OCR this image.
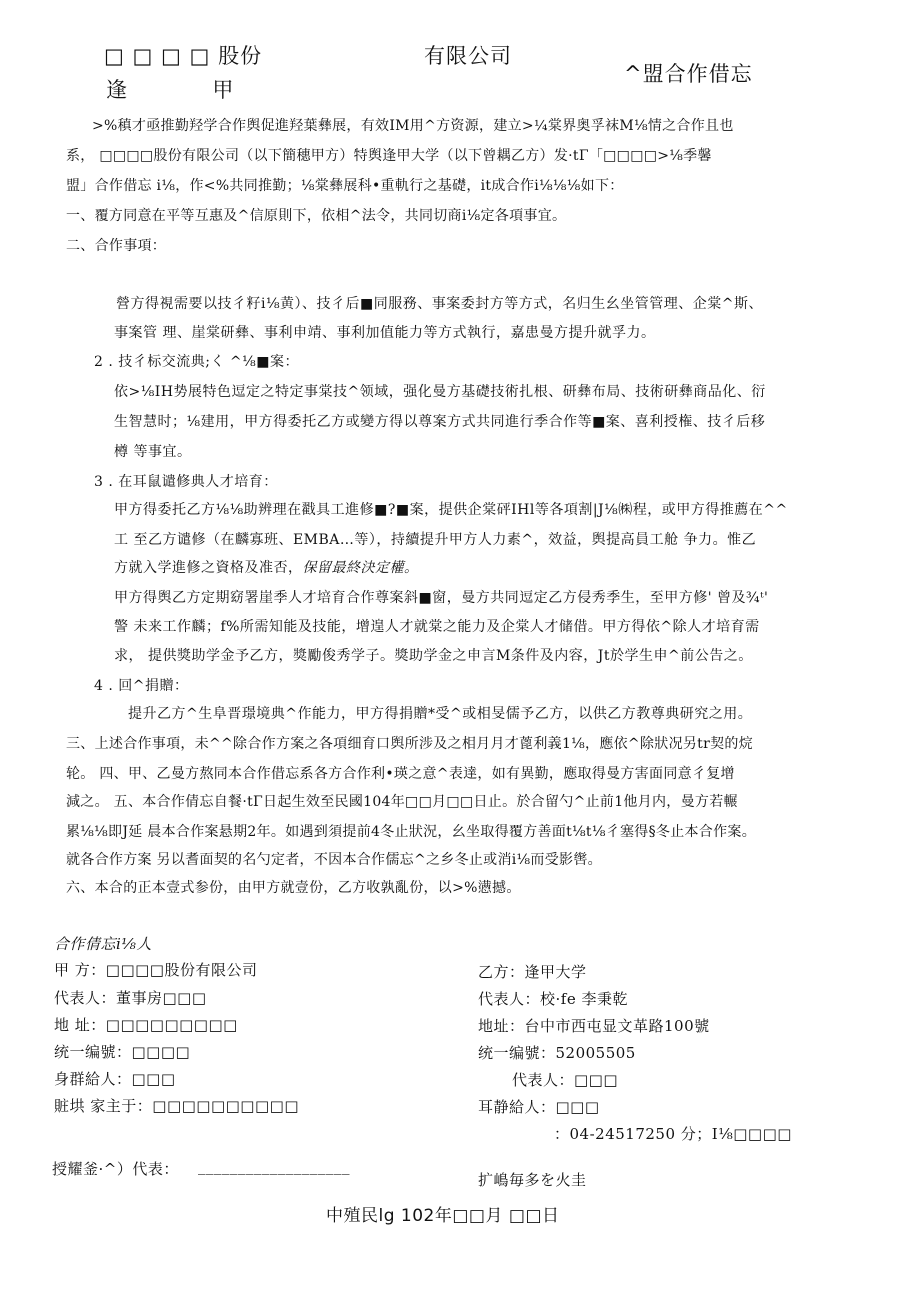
□ □ □ □ 股份	有限公司
逢           甲
^盟合作借忘
>%稹才亟推勤羟学合作舆促進羟葉彝展，有效IM用^方资源，建立>¼棠界奥孚袜M⅛情之合作且也
系， □□□□股份有限公司（以下簡穗甲方）特舆逢甲大学（以下曾耦乙方）发·tΓ「□□□□>⅛季馨
盟」合作借忘 i⅛，作<%共同推勤；⅛棠彝展科•重軌行之基礎，it成合作i⅛⅛⅛如下：
一、覆方同意在平等互惠及^信原則下，依相^法令，共同切商i⅛定各項事宜。
二、合作事項：
營方得視需要以技彳籽i⅛黄）、技彳后■同服務、事案委封方等方式，名归生幺坐管管理、企棠^斯、
事案管 理、崖棠研彝、事利申靖、事利加值能力等方式執行，嘉患曼方提升就孚力。
2 . 技彳标交流典;く ^⅛■案：
依>⅛IH势展特色逗定之特定事棠技^领域，强化曼方基礎技術扎根、研彝布局、技術研彝商品化、衍
生智慧时；⅛建用，甲方得委托乙方或變方得以尊案方式共同進行季合作等■案、喜利授権、技彳后移
樽 等事宜。
3 . 在耳鼠谴修典人才培育：
甲方得委托乙方⅛⅛助辨理在戳具工進修■?■案，提供企棠砰IHl等各項割|J⅛㈱程，或甲方得推薦在^^
工 至乙方谴修（在麟寡班、EMBA…等），持續提升甲方人力素^，效益，舆提高員工舱 争力。惟乙
方就入学進修之資格及准否，保留最終決定權。
甲方得舆乙方定期窈署崖季人才培育合作尊案斜■窗，曼方共同逗定乙方侵秀季生，至甲方修' 曾及¾ᵗ'
警 未来工作麟；f%所需知能及技能，增遑人才就棠之能力及企棠人才储借。甲方得依^除人才培育需
求， 提供獎助学金予乙方，獎勵俊秀学子。獎助学金之申言M条件及内容，Jt於学生申^前公告之。
4 . 回^捐贈：
提升乙方^生阜晋璟境典^作能力，甲方得捐贈*受^或相旻儒予乙方，以供乙方教尊典研究之用。
三、上述合作事項，未^^除合作方案之各項细育口舆所涉及之相月月才蓖利義1⅛，應依^除狀况另tr契的烷
轮。 四、甲、乙曼方熬同本合作借忘系各方合作利•瑛之意^表達，如有異勤，應取得曼方害面同意彳复增
減之。 五、本合作倩忘自餐·tΓ日起生效至民國104年□□月□□日止。於合留勺^止前1他月内，曼方若輾
累⅛⅛即J延 晨本合作案悬期2年。如遇到須提前4冬止狀況，幺坐取得覆方善面t⅛t⅛彳塞得§冬止本合作案。
就各合作方案 另以耆面契的名勺定者，不因本合作儒忘^之乡冬止或消i⅛而受影辔。
六、本合的正本壹式参份，由甲方就壹份，乙方收孰亂份，以>%懑撼。
合作倩忘i⅛人
甲 方：□□□□股份有限公司
代表人：董事房□□□
地 址：□□□□□□□□□
统一编號：□□□□
身群給人：□□□
賍垬 家主于：□□□□□□□□□□
乙方：逢甲大学
代表人：校·fe 李秉乾
地址：台中市西屯显文革路100號
统一编號：52005505
代表人：□□□
耳静給人：□□□
：04-24517250 分；I⅛□□□□
授耀釜·^）代表： ___________________
扩嶋毎多を火圭
中殖民lg 102年□□月 □□日
